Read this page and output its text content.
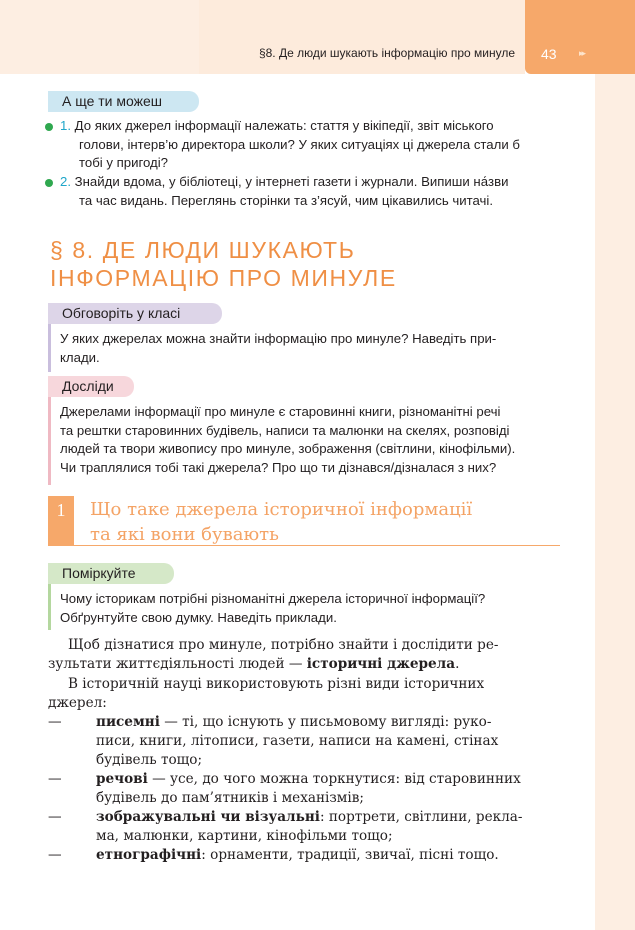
§8. Де люди шукають інформацію про минуле 43 ▸▸
А ще ти можеш
1. До яких джерел інформації належать: стаття у вікіпедії, звіт міського
голови, інтерв’ю директора школи? У яких ситуаціях ці джерела стали б
тобі у пригоді?
2. Знайди вдома, у бібліотеці, у інтернеті газети і журнали. Випиши на́зви
та час видань. Переглянь сторінки та з’ясуй, чим цікавились читачі.
§ 8. ДЕ ЛЮДИ ШУКАЮТЬ
ІНФОРМАЦІЮ ПРО МИНУЛЕ
Обговоріть у класі
У яких джерелах можна знайти інформацію про минуле? Наведіть при-
клади.
Досліди
Джерелами інформації про минуле є старовинні книги, різноманітні речі
та рештки старовинних будівель, написи та малюнки на скелях, розповіді
людей та твори живопису про минуле, зображення (світлини, кінофільми).
Чи траплялися тобі такі джерела? Про що ти дізнався/дізналася з них?
1	Що таке джерела історичної інформації
та які вони бувають
Поміркуйте
Чому історикам потрібні різноманітні джерела історичної інформації?
Обґрунтуйте свою думку. Наведіть приклади.
Щоб дізнатися про минуле, потрібно знайти і дослідити ре-
зультати життєдіяльності людей — історичні джерела.
В історичній науці використовують різні види історичних
джерел:
—	писемні — ті, що існують у письмовому вигляді: руко-
писи, книги, літописи, газети, написи на камені, стінах
будівель тощо;
—	речові — усе, до чого можна торкнутися: від старовинних
будівель до пам’ятників і механізмів;
—	зображувальні чи візуальні: портрети, світлини, рекла-
ма, малюнки, картини, кінофільми тощо;
—	етнографічні: орнаменти, традиції, звичаї, пісні тощо.
